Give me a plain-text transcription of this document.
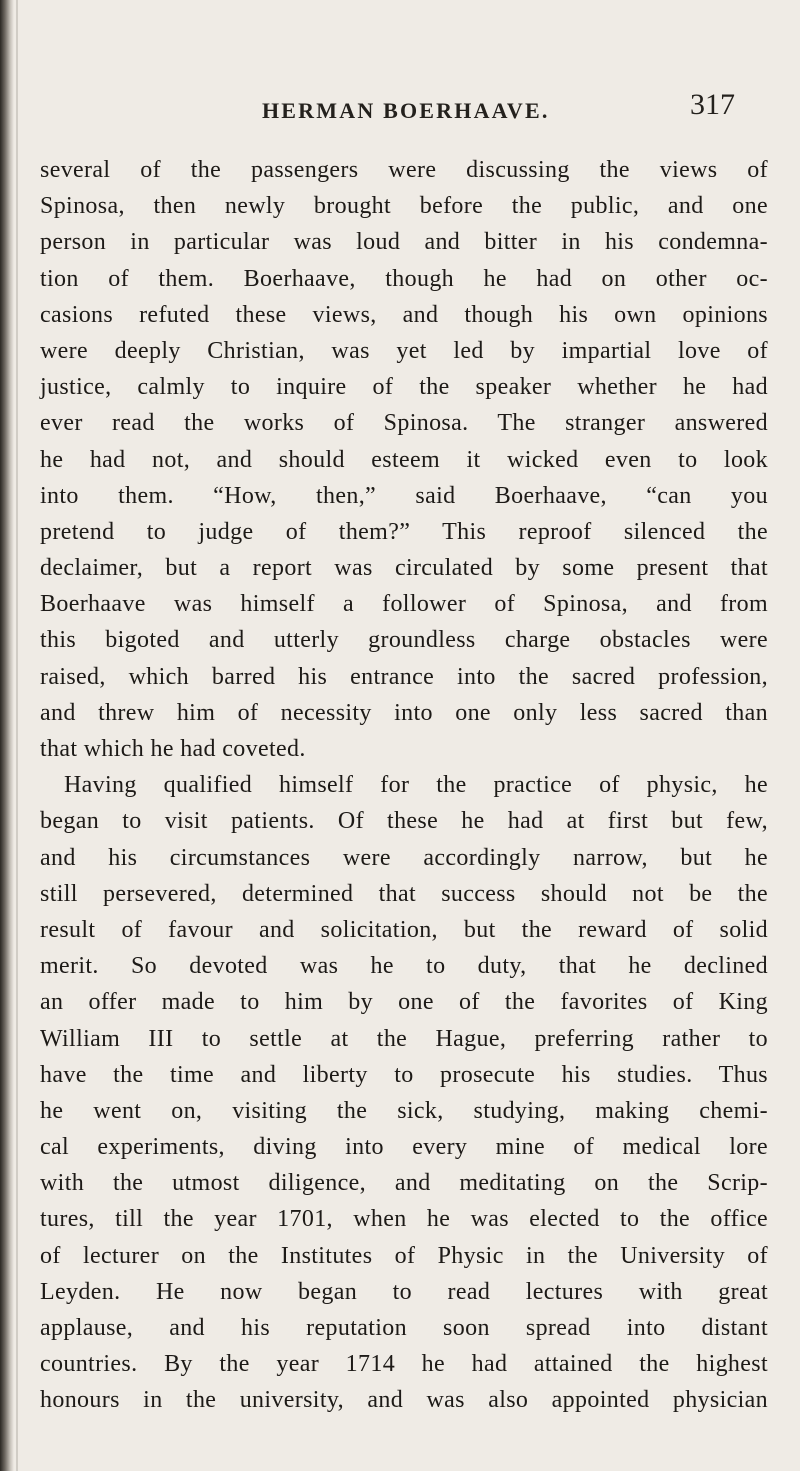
HERMAN BOERHAAVE.	317
several of the passengers were discussing the views of
Spinosa, then newly brought before the public, and one
person in particular was loud and bitter in his condemna-
tion of them. Boerhaave, though he had on other oc-
casions refuted these views, and though his own opinions
were deeply Christian, was yet led by impartial love of
justice, calmly to inquire of the speaker whether he had
ever read the works of Spinosa. The stranger answered
he had not, and should esteem it wicked even to look
into them. “How, then,” said Boerhaave, “can you
pretend to judge of them?” This reproof silenced the
declaimer, but a report was circulated by some present that
Boerhaave was himself a follower of Spinosa, and from
this bigoted and utterly groundless charge obstacles were
raised, which barred his entrance into the sacred profession,
and threw him of necessity into one only less sacred than
that which he had coveted.
Having qualified himself for the practice of physic, he
began to visit patients. Of these he had at first but few,
and his circumstances were accordingly narrow, but he
still persevered, determined that success should not be the
result of favour and solicitation, but the reward of solid
merit. So devoted was he to duty, that he declined
an offer made to him by one of the favorites of King
William III to settle at the Hague, preferring rather to
have the time and liberty to prosecute his studies. Thus
he went on, visiting the sick, studying, making chemi-
cal experiments, diving into every mine of medical lore
with the utmost diligence, and meditating on the Scrip-
tures, till the year 1701, when he was elected to the office
of lecturer on the Institutes of Physic in the University of
Leyden. He now began to read lectures with great
applause, and his reputation soon spread into distant
countries. By the year 1714 he had attained the highest
honours in the university, and was also appointed physician
